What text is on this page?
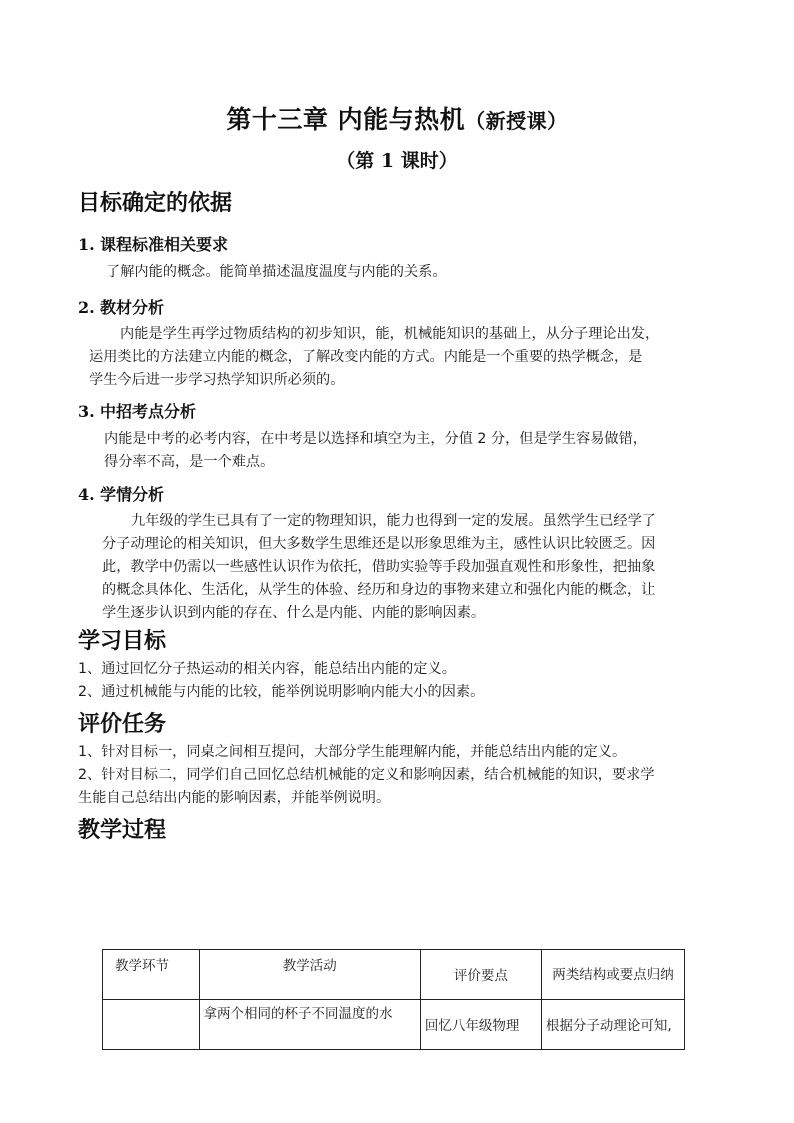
第十三章 内能与热机（新授课）
（第 1 课时）
目标确定的依据
1. 课程标准相关要求
了解内能的概念。能简单描述温度温度与内能的关系。
2. 教材分析
内能是学生再学过物质结构的初步知识，能，机械能知识的基础上，从分子理论出发，
运用类比的方法建立内能的概念，了解改变内能的方式。内能是一个重要的热学概念，是
学生今后进一步学习热学知识所必须的。
3. 中招考点分析
内能是中考的必考内容，在中考是以选择和填空为主，分值 2 分，但是学生容易做错，
得分率不高，是一个难点。
4. 学情分析
九年级的学生已具有了一定的物理知识，能力也得到一定的发展。虽然学生已经学了
分子动理论的相关知识，但大多数学生思维还是以形象思维为主，感性认识比较匮乏。因
此，教学中仍需以一些感性认识作为依托，借助实验等手段加强直观性和形象性，把抽象
的概念具体化、生活化，从学生的体验、经历和身边的事物来建立和强化内能的概念，让
学生逐步认识到内能的存在、什么是内能、内能的影响因素。
学习目标
1、通过回忆分子热运动的相关内容，能总结出内能的定义。
2、通过机械能与内能的比较，能举例说明影响内能大小的因素。
评价任务
1、针对目标一，同桌之间相互提问，大部分学生能理解内能，并能总结出内能的定义。
2、针对目标二，同学们自己回忆总结机械能的定义和影响因素，结合机械能的知识，要求学
生能自己总结出内能的影响因素，并能举例说明。
教学过程
教学环节	教学活动	评价要点	两类结构或要点归纳
	拿两个相同的杯子不同温度的水	回忆八年级物理	根据分子动理论可知,
